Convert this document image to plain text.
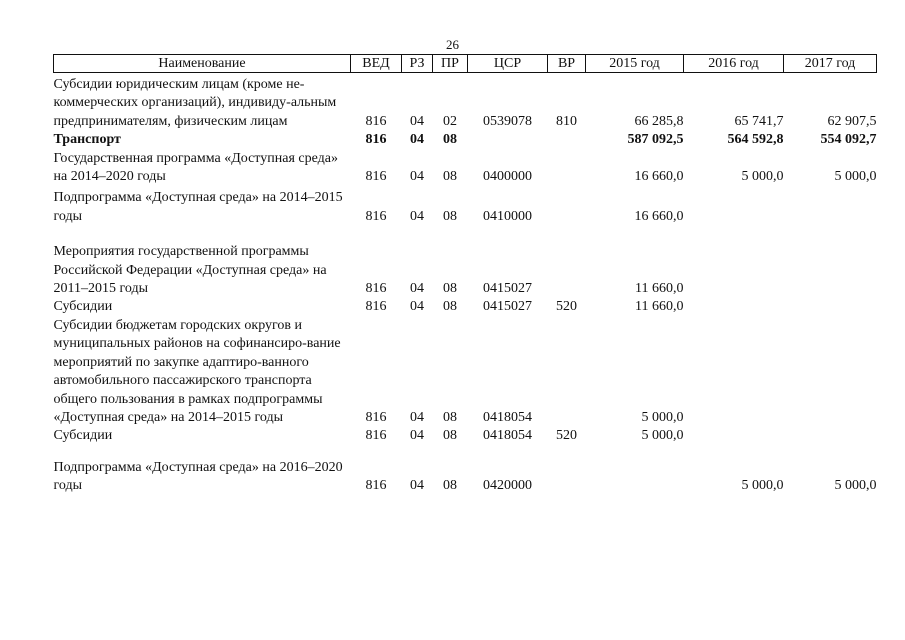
26
Наименование	ВЕД	РЗ	ПР	ЦСР	ВР	2015 год	2016 год	2017 год
Субсидии юридическим лицам (кроме не-коммерческих организаций), индивиду-альным предпринимателям, физическим лицам	816	04	02	0539078	810	66 285,8	65 741,7	62 907,5
Транспорт	816	04	08			587 092,5	564 592,8	554 092,7
Государственная программа «Доступная среда» на 2014–2020 годы	816	04	08	0400000		16 660,0	5 000,0	5 000,0
Подпрограмма «Доступная среда» на 2014–2015 годы	816	04	08	0410000		16 660,0		
Мероприятия государственной программы Российской Федерации «Доступная среда» на 2011–2015 годы	816	04	08	0415027		11 660,0		
Субсидии	816	04	08	0415027	520	11 660,0		
Субсидии бюджетам городских округов и муниципальных районов на софинансиро-вание мероприятий по закупке адаптиро-ванного автомобильного пассажирского транспорта общего пользования в рамках подпрограммы «Доступная среда» на 2014–2015 годы	816	04	08	0418054		5 000,0		
Субсидии	816	04	08	0418054	520	5 000,0		
Подпрограмма «Доступная среда» на 2016–2020 годы	816	04	08	0420000			5 000,0	5 000,0
